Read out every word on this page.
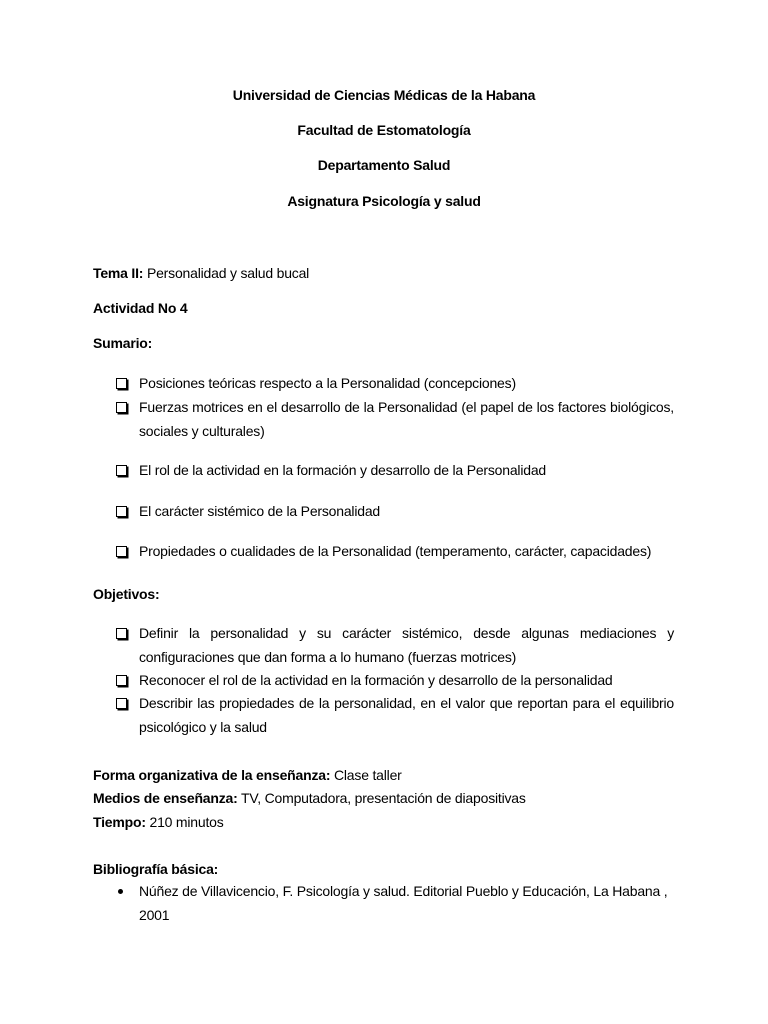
Universidad de Ciencias Médicas de la Habana
Facultad de Estomatología
Departamento Salud
Asignatura Psicología y salud
Tema II: Personalidad y salud bucal
Actividad No 4
Sumario:
Posiciones teóricas respecto a la Personalidad (concepciones)
Fuerzas motrices en el desarrollo de la Personalidad (el papel de los factores biológicos, sociales y culturales)
El rol de la actividad en la formación y desarrollo de la Personalidad
El carácter sistémico de la Personalidad
Propiedades o cualidades de la Personalidad (temperamento, carácter, capacidades)
Objetivos:
Definir la personalidad y su carácter sistémico, desde algunas mediaciones y configuraciones que dan forma a lo humano (fuerzas motrices)
Reconocer el rol de la actividad en la formación y desarrollo de la personalidad
Describir las propiedades de la personalidad, en el valor que reportan para el equilibrio psicológico y la salud
Forma organizativa de la enseñanza: Clase taller
Medios de enseñanza: TV, Computadora, presentación de diapositivas
Tiempo: 210 minutos
Bibliografía básica:
Núñez de Villavicencio, F. Psicología y salud. Editorial Pueblo y Educación, La Habana , 2001
